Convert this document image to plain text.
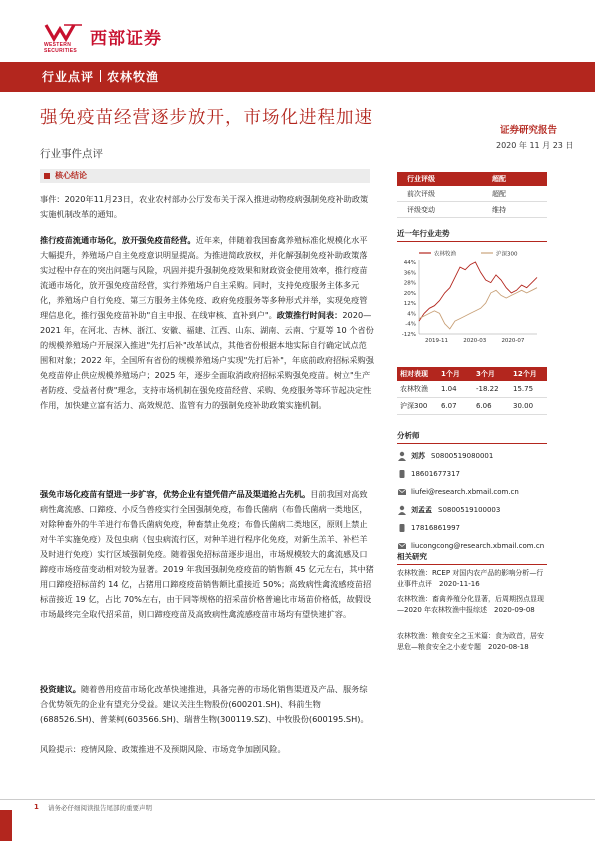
WESTERN SECURITIES
西部证券
行业点评 农林牧渔
强免疫苗经营逐步放开，市场化进程加速
证券研究报告
2020 年 11 月 23 日
行业事件点评
核心结论
事件：2020年11月23日，农业农村部办公厅发布关于深入推进动物疫病强制免疫补助政策实施机制改革的通知。
推行疫苗流通市场化，放开强免疫苗经营。近年来，伴随着我国畜禽养殖标准化规模化水平大幅提升，养殖场户自主免疫意识明显提高。为推进简政放权，并化解强制免疫补助政策落实过程中存在的突出问题与风险，巩固并提升强制免疫效果和财政资金使用效率，推行疫苗流通市场化，放开强免疫苗经营，实行养殖场户自主采购。同时，支持免疫服务主体多元化，养殖场户自行免疫、第三方服务主体免疫、政府免疫服务等多种形式并举，实现免疫管理信息化，推行强免疫苗补助"自主申报、在线审核、直补到户"。政策推行时间表：2020—2021 年，在河北、吉林、浙江、安徽、福建、江西、山东、湖南、云南、宁夏等 10 个省份的规模养殖场户开展深入推进"先打后补"改革试点，其他省份根据本地实际自行确定试点范围和对象；2022 年，全国所有省份的规模养殖场户实现"先打后补"，年底前政府招标采购强免疫苗停止供应规模养殖场户；2025 年，逐步全面取消政府招标采购强免疫苗。树立"生产者防疫、受益者付费"理念，支持市场机制在强免疫苗经营、采购、免疫服务等环节起决定性作用，加快建立富有活力、高效规范、监管有力的强制免疫补助政策实施机制。
强免市场化疫苗有望进一步扩容，优势企业有望凭借产品及渠道抢占先机。目前我国对高致病性禽流感、口蹄疫、小反刍兽疫实行全国强制免疫，布鲁氏菌病（布鲁氏菌病一类地区，对除种畜外的牛羊进行布鲁氏菌病免疫，种畜禁止免疫；布鲁氏菌病二类地区，原则上禁止对牛羊实施免疫）及包虫病（包虫病流行区，对种羊进行程序化免疫，对新生羔羊、补栏羊及时进行免疫）实行区域强制免疫。随着强免招标苗逐步退出，市场规模较大的禽流感及口蹄疫市场疫苗变动相对较为显著。2019 年我国强制免疫疫苗的销售额 45 亿元左右，其中猪用口蹄疫招标苗约 14 亿，占猪用口蹄疫疫苗销售额比重接近 50%；高致病性禽流感疫苗招标苗接近 19 亿，占比 70%左右，由于同等规格的招采苗价格普遍比市场苗价格低，故假设市场最终完全取代招采苗，则口蹄疫疫苗及高致病性禽流感疫苗市场均有望快速扩容。
投资建议。随着兽用疫苗市场化改革快速推进，具备完善的市场化销售渠道及产品、服务综合优势领先的企业有望充分受益。建议关注生物股份(600201.SH)、科前生物(688526.SH)、普莱柯(603566.SH)、瑞普生物(300119.SZ)、中牧股份(600195.SH)。
风险提示：疫情风险、政策推进不及预期风险、市场竞争加剧风险。
行业评级	超配
前次评级	超配
评级变动	维持
近一年行业走势
农林牧渔	沪深300
44%
36%
28%
20%
12%
4%
-4%
-12%
2019-11	2020-03	2020-07
相对表现	1个月	3个月	12个月
农林牧渔	1.04	-18.22	15.75
沪深300	6.07	6.06	30.00
分析师
刘苏 S0800519080001
18601677317
liufei@research.xbmail.com.cn
刘孟孟 S0800519100003
17816861997
liucongcong@research.xbmail.com.cn
相关研究
农林牧渔：RCEP 对国内农产品的影响分析—行业事件点评　2020-11-16
农林牧渔：畜禽养殖分化显著，后周期拐点显现—2020 年农林牧渔中报综述　2020-09-08
农林牧渔：粮食安全之玉米篇：食为政首，居安思危—粮食安全之小麦专题　2020-08-18
1 请务必仔细阅读报告尾部的重要声明
